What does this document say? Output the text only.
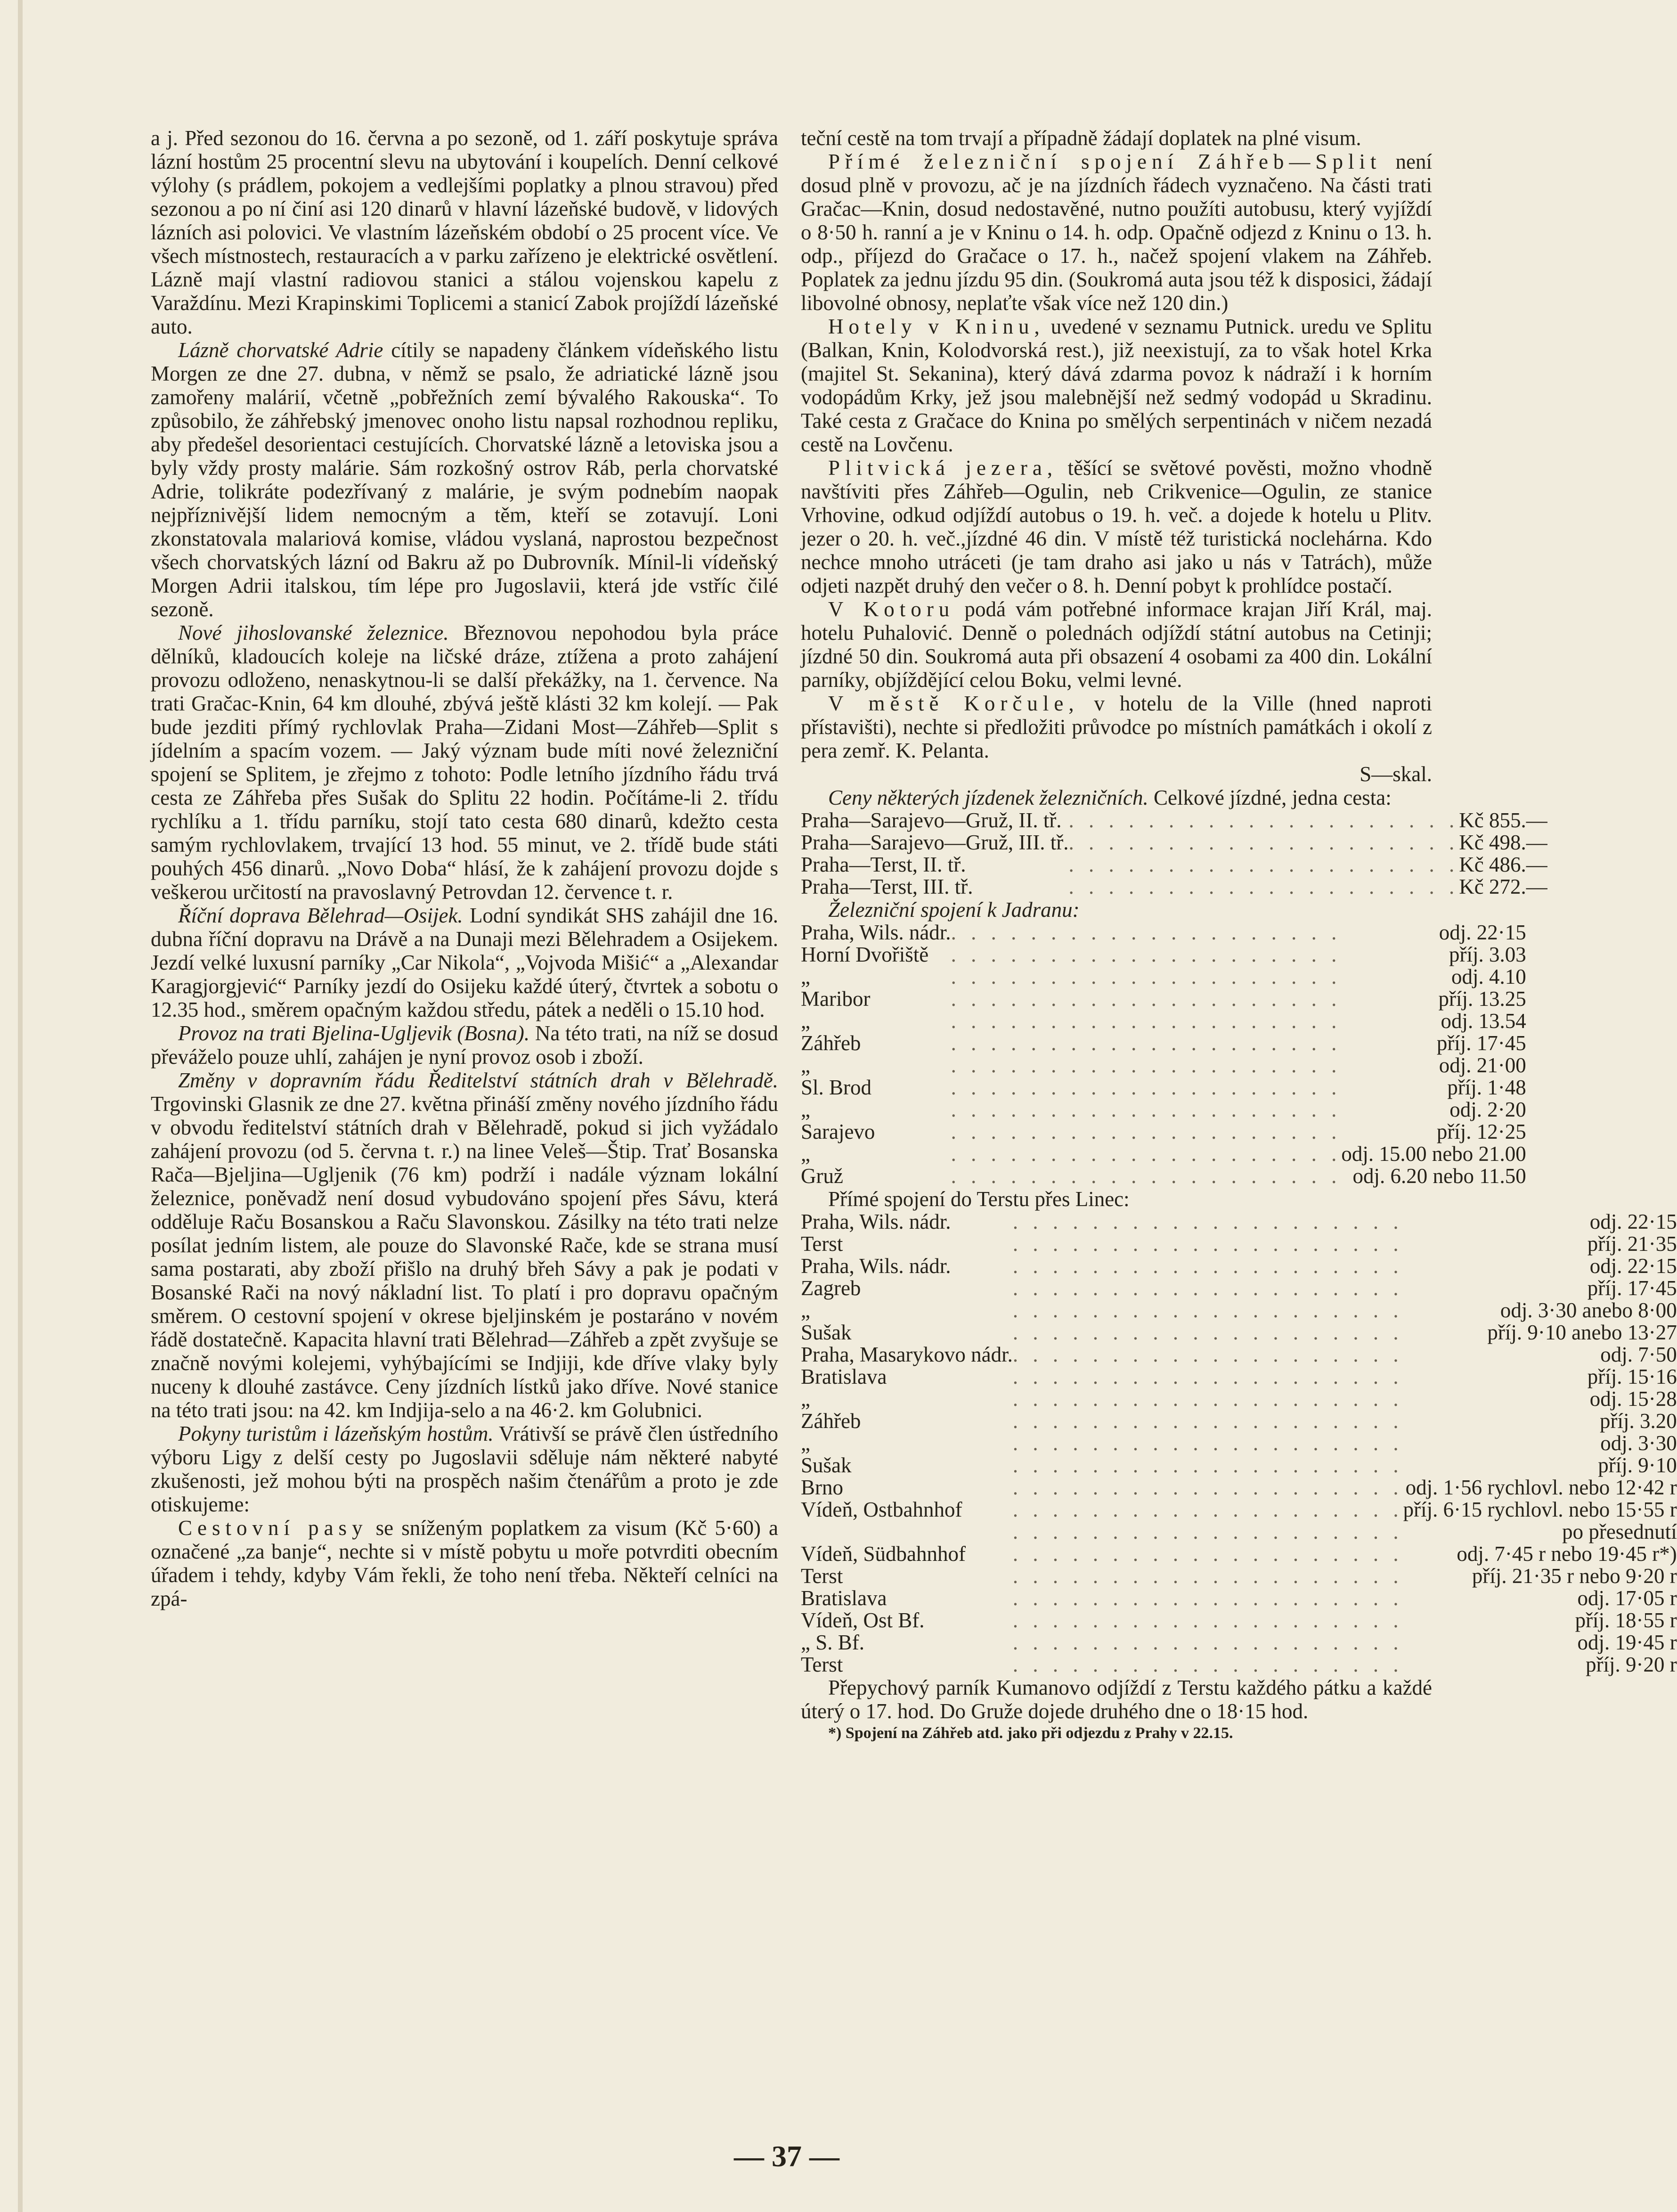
a j. Před sezonou do 16. června a po sezoně, od 1. září poskytuje správa lázní hostům 25 procentní slevu na ubytování i koupelích. Denní celkové výlohy (s prádlem, pokojem a vedlejšími poplatky a plnou stravou) před sezonou a po ní činí asi 120 dinarů v hlavní lázeňské budově, v lidových lázních asi polovici. Ve vlastním lázeňském období o 25 procent více. Ve všech místnostech, restauracích a v parku zařízeno je elektrické osvětlení. Lázně mají vlastní radiovou stanici a stálou vojenskou kapelu z Varaždínu. Mezi Krapinskimi Toplicemi a stanicí Zabok projíždí lázeňské auto.

Lázně chorvatské Adrie cítily se napadeny článkem vídeňského listu Morgen ze dne 27. dubna, v němž se psalo, že adriatické lázně jsou zamořeny malárií, včetně „pobřežních zemí bývalého Rakouska“. To způsobilo, že záhřebský jmenovec onoho listu napsal rozhodnou repliku, aby předešel desorientaci cestujících. Chorvatské lázně a letoviska jsou a byly vždy prosty malárie. Sám rozkošný ostrov Ráb, perla chorvatské Adrie, tolikráte podezřívaný z malárie, je svým podnebím naopak nejpříznivější lidem nemocným a těm, kteří se zotavují. Loni zkonstatovala malariová komise, vládou vyslaná, naprostou bezpečnost všech chorvatských lázní od Bakru až po Dubrovník. Mínil-li vídeňský Morgen Adrii italskou, tím lépe pro Jugoslavii, která jde vstříc čilé sezoně.

Nové jihoslovanské železnice. Březnovou nepohodou byla práce dělníků, kladoucích koleje na ličské dráze, ztížena a proto zahájení provozu odloženo, nenaskytnou-li se další překážky, na 1. července. Na trati Gračac-Knin, 64 km dlouhé, zbývá ještě klásti 32 km kolejí. — Pak bude jezditi přímý rychlovlak Praha—Zidani Most—Záhřeb—Split s jídelním a spacím vozem. — Jaký význam bude míti nové železniční spojení se Splitem, je zřejmo z tohoto: Podle letního jízdního řádu trvá cesta ze Záhřeba přes Sušak do Splitu 22 hodin. Počítáme-li 2. třídu rychlíku a 1. třídu parníku, stojí tato cesta 680 dinarů, kdežto cesta samým rychlovlakem, trvající 13 hod. 55 minut, ve 2. třídě bude státi pouhých 456 dinarů. „Novo Doba“ hlásí, že k zahájení provozu dojde s veškerou určitostí na pravoslavný Petrovdan 12. července t. r.

Říční doprava Bělehrad—Osijek. Lodní syndikát SHS zahájil dne 16. dubna říční dopravu na Drávě a na Dunaji mezi Bělehradem a Osijekem. Jezdí velké luxusní parníky „Car Nikola“, „Vojvoda Mišić“ a „Alexandar Karagjorgjević“ Parníky jezdí do Osijeku každé úterý, čtvrtek a sobotu o 12.35 hod., směrem opačným každou středu, pátek a neděli o 15.10 hod.

Provoz na trati Bjelina-Ugljevik (Bosna). Na této trati, na níž se dosud převáželo pouze uhlí, zahájen je nyní provoz osob i zboží.

Změny v dopravním řádu Ředitelství státních drah v Bělehradě. Trgovinski Glasnik ze dne 27. května přináší změny nového jízdního řádu v obvodu ředitelství státních drah v Bělehradě, pokud si jich vyžádalo zahájení provozu (od 5. června t. r.) na linee Veleš—Štip. Trať Bosanska Rača—Bjeljina—Ugljenik (76 km) podrží i nadále význam lokální železnice, poněvadž není dosud vybudováno spojení přes Sávu, která odděluje Raču Bosanskou a Raču Slavonskou. Zásilky na této trati nelze posílat jedním listem, ale pouze do Slavonské Rače, kde se strana musí sama postarati, aby zboží přišlo na druhý břeh Sávy a pak je podati v Bosanské Rači na nový nákladní list. To platí i pro dopravu opačným směrem. O cestovní spojení v okrese bjeljinském je postaráno v novém řádě dostatečně. Kapacita hlavní trati Bělehrad—Záhřeb a zpět zvyšuje se značně novými kolejemi, vyhýbajícími se Indjiji, kde dříve vlaky byly nuceny k dlouhé zastávce. Ceny jízdních lístků jako dříve. Nové stanice na této trati jsou: na 42. km Indjija-selo a na 46·2. km Golubnici.

Pokyny turistům i lázeňským hostům. Vrátivší se právě člen ústředního výboru Ligy z delší cesty po Jugoslavii sděluje nám některé nabyté zkušenosti, jež mohou býti na prospěch našim čtenářům a proto je zde otiskujeme:

Cestovní pasy se sníženým poplatkem za visum (Kč 5·60) a označené „za banje“, nechte si v místě pobytu u moře potvrditi obecním úřadem i tehdy, kdyby Vám řekli, že toho není třeba. Někteří celníci na zpá-

teční cestě na tom trvají a případně žádají doplatek na plné visum.

Přímé železniční spojení Záhřeb—Split není dosud plně v provozu, ač je na jízdních řádech vyznačeno. Na části trati Gračac—Knin, dosud nedostavěné, nutno použíti autobusu, který vyjíždí o 8·50 h. ranní a je v Kninu o 14. h. odp. Opačně odjezd z Kninu o 13. h. odp., příjezd do Gračace o 17. h., načež spojení vlakem na Záhřeb. Poplatek za jednu jízdu 95 din. (Soukromá auta jsou též k disposici, žádají libovolné obnosy, neplaťte však více než 120 din.)

Hotely v Kninu, uvedené v seznamu Putnick. uredu ve Splitu (Balkan, Knin, Kolodvorská rest.), již neexistují, za to však hotel Krka (majitel St. Sekanina), který dává zdarma povoz k nádraží i k horním vodopádům Krky, jež jsou malebnější než sedmý vodopád u Skradinu. Také cesta z Gračace do Knina po smělých serpentinách v ničem nezadá cestě na Lovčenu.

Plitvická jezera, těšící se světové pověsti, možno vhodně navštíviti přes Záhřeb—Ogulin, neb Crikvenice—Ogulin, ze stanice Vrhovine, odkud odjíždí autobus o 19. h. več. a dojede k hotelu u Plitv. jezer o 20. h. več.,jízdné 46 din. V místě též turistická noclehárna. Kdo nechce mnoho utráceti (je tam draho asi jako u nás v Tatrách), může odjeti nazpět druhý den večer o 8. h. Denní pobyt k prohlídce postačí.

V Kotoru podá vám potřebné informace krajan Jiří Král, maj. hotelu Puhalović. Denně o polednách odjíždí státní autobus na Cetinji; jízdné 50 din. Soukromá auta při obsazení 4 osobami za 400 din. Lokální parníky, objíždějící celou Boku, velmi levné.

V městě Korčule, v hotelu de la Ville (hned naproti přístavišti), nechte si předložiti průvodce po místních památkách i okolí z pera zemř. K. Pelanta.

S—skal.

Ceny některých jízdenek železničních. Celkové jízdné, jedna cesta:

Praha—Sarajevo—Gruž, II. tř.	. . . . . . . . . . . . . . . . . . . .	Kč 855.—
Praha—Sarajevo—Gruž, III. tř.	. . . . . . . . . . . . . . . . . . . .	Kč 498.—
Praha—Terst, II. tř.	. . . . . . . . . . . . . . . . . . . .	Kč 486.—
Praha—Terst, III. tř.	. . . . . . . . . . . . . . . . . . . .	Kč 272.—

Železniční spojení k Jadranu:

Praha, Wils. nádr.	. . . . . . . . . . . . . . . . . . . .	odj. 22·15
Horní Dvořiště	. . . . . . . . . . . . . . . . . . . .	příj. 3.03
„	. . . . . . . . . . . . . . . . . . . .	odj. 4.10
Maribor	. . . . . . . . . . . . . . . . . . . .	příj. 13.25
„	. . . . . . . . . . . . . . . . . . . .	odj. 13.54
Záhřeb	. . . . . . . . . . . . . . . . . . . .	příj. 17·45
„	. . . . . . . . . . . . . . . . . . . .	odj. 21·00
Sl. Brod	. . . . . . . . . . . . . . . . . . . .	příj. 1·48
„	. . . . . . . . . . . . . . . . . . . .	odj. 2·20
Sarajevo	. . . . . . . . . . . . . . . . . . . .	příj. 12·25
„	. . . . . . . . . . . . . . . . . . . .	odj. 15.00 nebo 21.00
Gruž	. . . . . . . . . . . . . . . . . . . .	odj. 6.20 nebo 11.50

Přímé spojení do Terstu přes Linec:

Praha, Wils. nádr.	. . . . . . . . . . . . . . . . . . . .	odj. 22·15
Terst	. . . . . . . . . . . . . . . . . . . .	příj. 21·35
Praha, Wils. nádr.	. . . . . . . . . . . . . . . . . . . .	odj. 22·15
Zagreb	. . . . . . . . . . . . . . . . . . . .	příj. 17·45
„	. . . . . . . . . . . . . . . . . . . .	odj. 3·30 anebo 8·00
Sušak	. . . . . . . . . . . . . . . . . . . .	příj. 9·10 anebo 13·27
Praha, Masarykovo nádr.	. . . . . . . . . . . . . . . . . . . .	odj. 7·50
Bratislava	. . . . . . . . . . . . . . . . . . . .	příj. 15·16
„	. . . . . . . . . . . . . . . . . . . .	odj. 15·28
Záhřeb	. . . . . . . . . . . . . . . . . . . .	příj. 3.20
„	. . . . . . . . . . . . . . . . . . . .	odj. 3·30
Sušak	. . . . . . . . . . . . . . . . . . . .	příj. 9·10
Brno	. . . . . . . . . . . . . . . . . . . .	odj. 1·56 rychlovl. nebo 12·42 r
Vídeň, Ostbahnhof	. . . . . . . . . . . . . . . . . . . .	příj. 6·15 rychlovl. nebo 15·55 r
	. . . . . . . . . . . . . . . . . . . .	po přesednutí
Vídeň, Südbahnhof	. . . . . . . . . . . . . . . . . . . .	odj. 7·45 r nebo 19·45 r*)
Terst	. . . . . . . . . . . . . . . . . . . .	příj. 21·35 r nebo 9·20 r
Bratislava	. . . . . . . . . . . . . . . . . . . .	odj. 17·05 r
Vídeň, Ost Bf.	. . . . . . . . . . . . . . . . . . . .	příj. 18·55 r
„ S. Bf.	. . . . . . . . . . . . . . . . . . . .	odj. 19·45 r
Terst	. . . . . . . . . . . . . . . . . . . .	příj. 9·20 r

Přepychový parník Kumanovo odjíždí z Terstu každého pátku a každé úterý o 17. hod. Do Gruže dojede druhého dne o 18·15 hod.

*) Spojení na Záhřeb atd. jako při odjezdu z Prahy v 22.15.

— 37 —
